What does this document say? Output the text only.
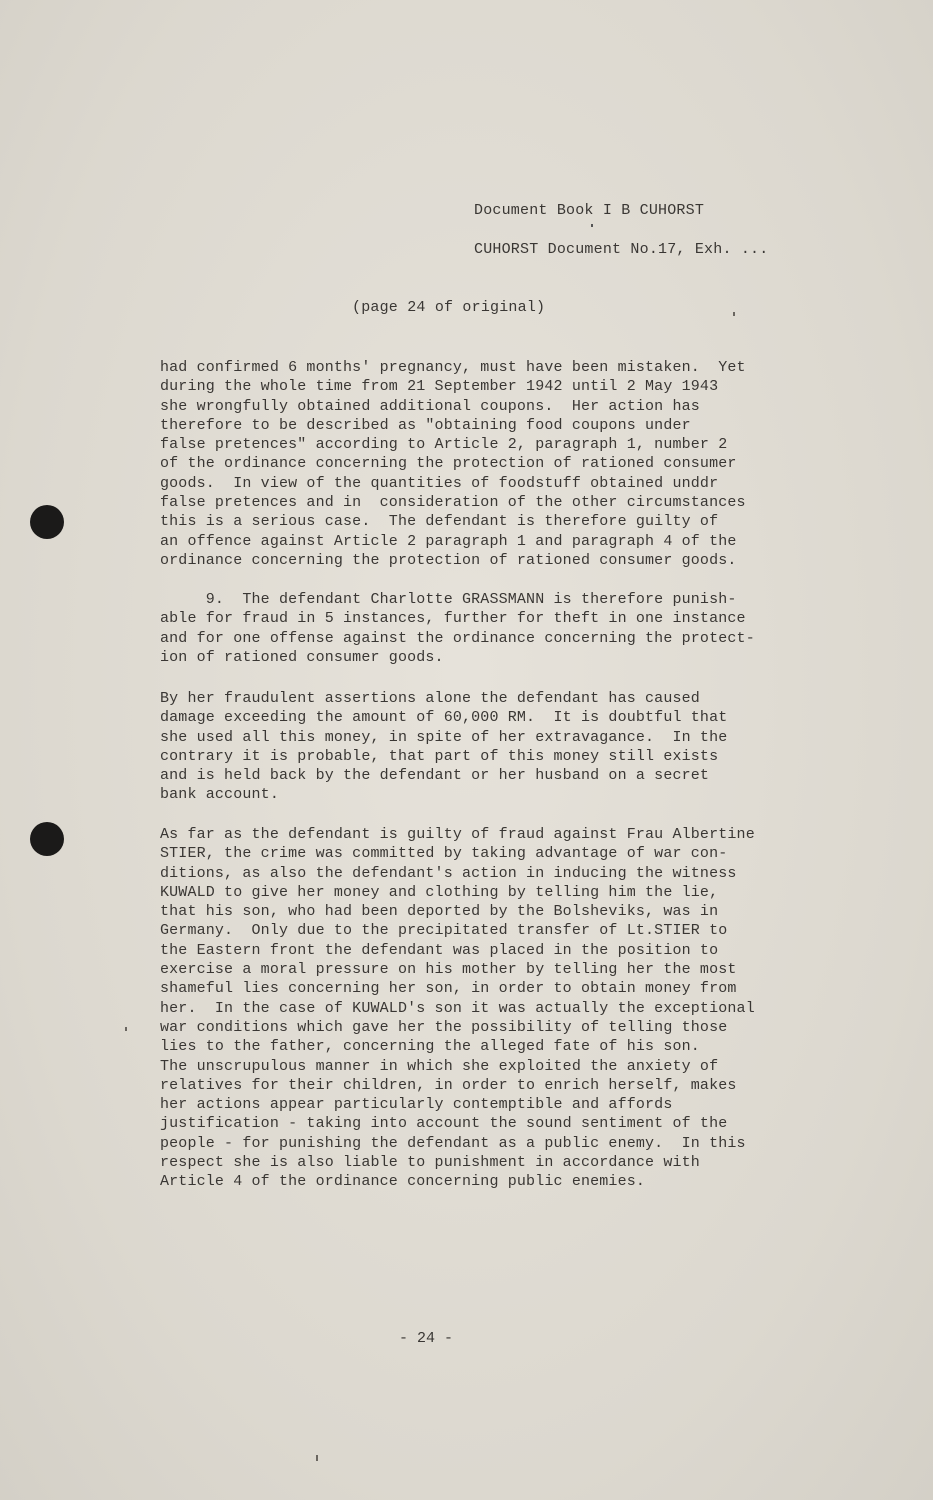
Document Book I B CUHORST
CUHORST Document No.17, Exh. ...
(page 24 of original)
had confirmed 6 months' pregnancy, must have been mistaken.  Yet
during the whole time from 21 September 1942 until 2 May 1943
she wrongfully obtained additional coupons.  Her action has
therefore to be described as "obtaining food coupons under
false pretences" according to Article 2, paragraph 1, number 2
of the ordinance concerning the protection of rationed consumer
goods.  In view of the quantities of foodstuff obtained unddr
false pretences and in  consideration of the other circumstances
this is a serious case.  The defendant is therefore guilty of
an offence against Article 2 paragraph 1 and paragraph 4 of the
ordinance concerning the protection of rationed consumer goods.
9.  The defendant Charlotte GRASSMANN is therefore punish-
able for fraud in 5 instances, further for theft in one instance
and for one offense against the ordinance concerning the protect-
ion of rationed consumer goods.
By her fraudulent assertions alone the defendant has caused
damage exceeding the amount of 60,000 RM.  It is doubtful that
she used all this money, in spite of her extravagance.  In the
contrary it is probable, that part of this money still exists
and is held back by the defendant or her husband on a secret
bank account.
As far as the defendant is guilty of fraud against Frau Albertine
STIER, the crime was committed by taking advantage of war con-
ditions, as also the defendant's action in inducing the witness
KUWALD to give her money and clothing by telling him the lie,
that his son, who had been deported by the Bolsheviks, was in
Germany.  Only due to the precipitated transfer of Lt.STIER to
the Eastern front the defendant was placed in the position to
exercise a moral pressure on his mother by telling her the most
shameful lies concerning her son, in order to obtain money from
her.  In the case of KUWALD's son it was actually the exceptional
war conditions which gave her the possibility of telling those
lies to the father, concerning the alleged fate of his son.
The unscrupulous manner in which she exploited the anxiety of
relatives for their children, in order to enrich herself, makes
her actions appear particularly contemptible and affords
justification - taking into account the sound sentiment of the
people - for punishing the defendant as a public enemy.  In this
respect she is also liable to punishment in accordance with
Article 4 of the ordinance concerning public enemies.
- 24 -
